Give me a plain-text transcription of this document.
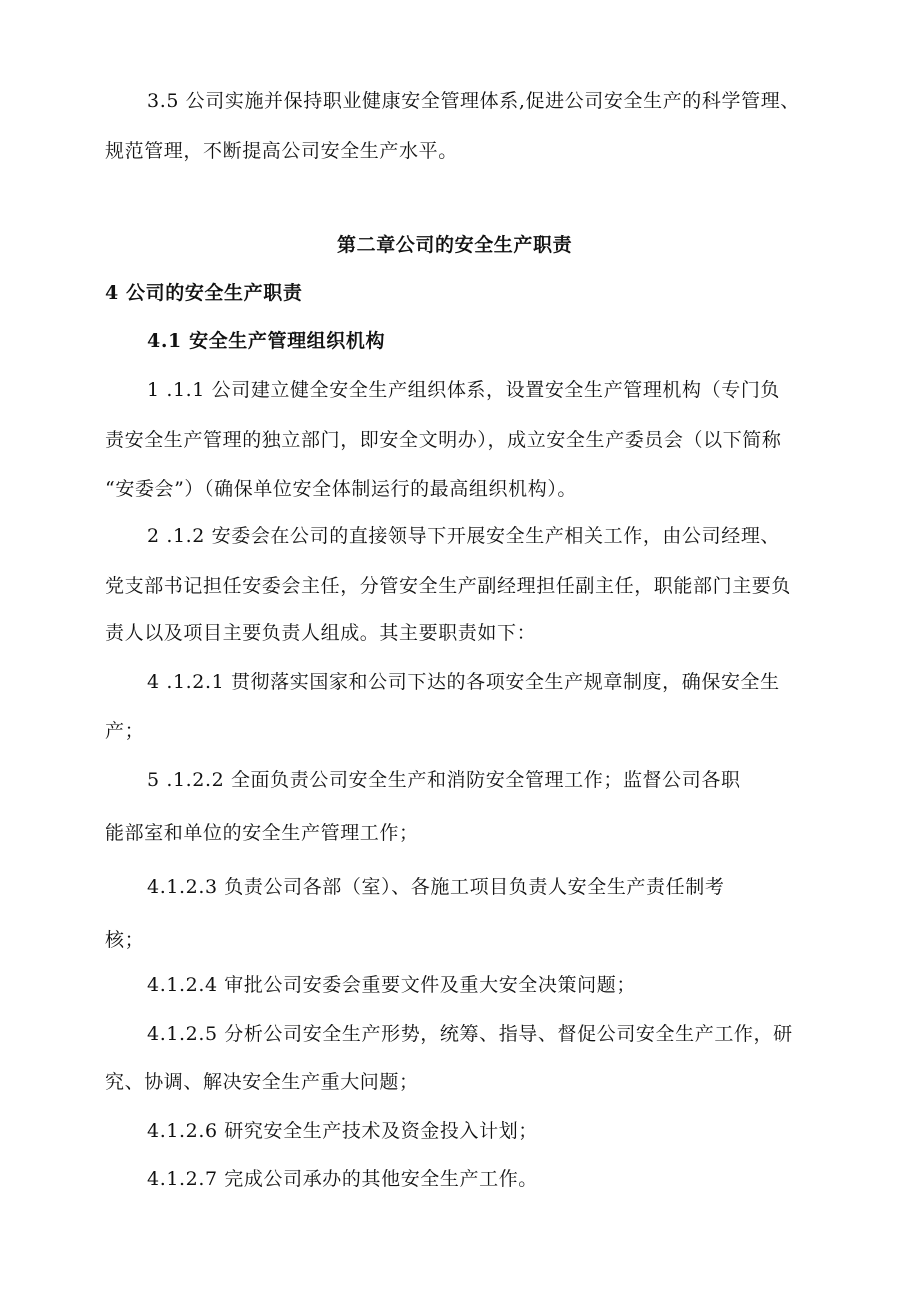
3.5 公司实施并保持职业健康安全管理体系,促进公司安全生产的科学管理、
规范管理，不断提高公司安全生产水平。
第二章公司的安全生产职责
4 公司的安全生产职责
4.1 安全生产管理组织机构
1 .1.1 公司建立健全安全生产组织体系，设置安全生产管理机构（专门负
责安全生产管理的独立部门，即安全文明办），成立安全生产委员会（以下简称
“安委会”）（确保单位安全体制运行的最高组织机构）。
2 .1.2 安委会在公司的直接领导下开展安全生产相关工作，由公司经理、
党支部书记担任安委会主任，分管安全生产副经理担任副主任，职能部门主要负
责人以及项目主要负责人组成。其主要职责如下：
4 .1.2.1 贯彻落实国家和公司下达的各项安全生产规章制度，确保安全生
产；
5 .1.2.2 全面负责公司安全生产和消防安全管理工作；监督公司各职
能部室和单位的安全生产管理工作；
4.1.2.3 负责公司各部（室）、各施工项目负责人安全生产责任制考
核；
4.1.2.4 审批公司安委会重要文件及重大安全决策问题；
4.1.2.5 分析公司安全生产形势，统筹、指导、督促公司安全生产工作，研
究、协调、解决安全生产重大问题；
4.1.2.6 研究安全生产技术及资金投入计划；
4.1.2.7 完成公司承办的其他安全生产工作。
